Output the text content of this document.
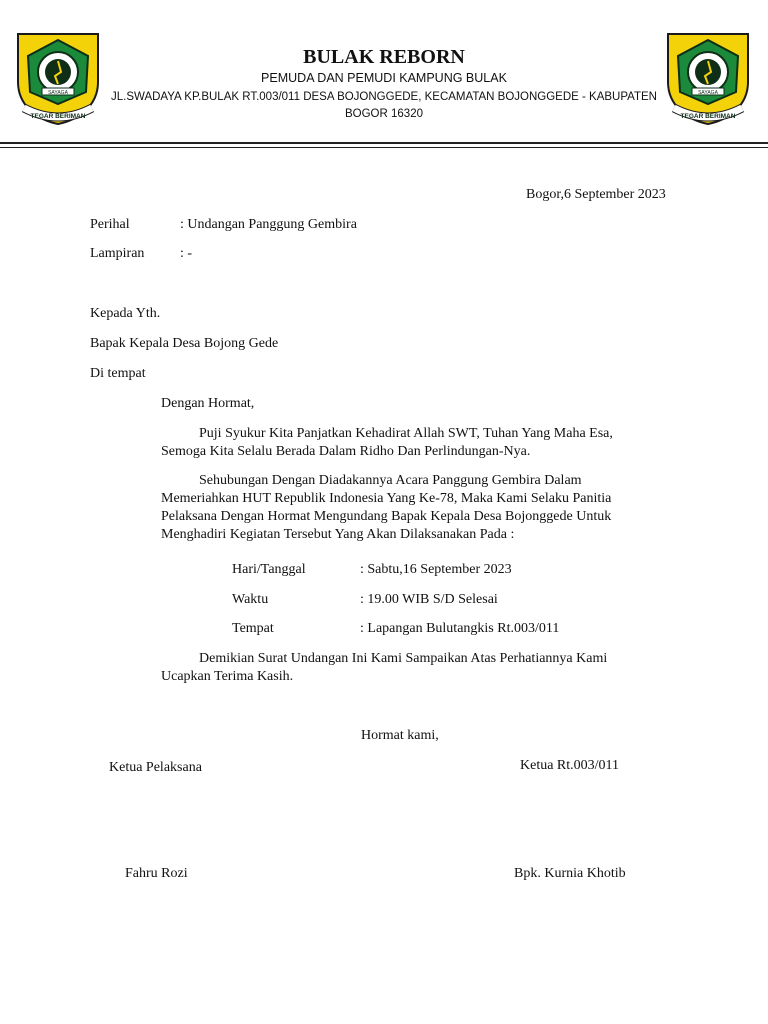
SAYAGA
TEGAR BERIMAN
SAYAGA
TEGAR BERIMAN
BULAK REBORN
PEMUDA DAN PEMUDI KAMPUNG BULAK
JL.SWADAYA KP.BULAK RT.003/011 DESA BOJONGGEDE, KECAMATAN BOJONGGEDE - KABUPATEN
BOGOR 16320
Bogor,6 September 2023
Perihal	: Undangan Panggung Gembira
Lampiran	: -
Kepada Yth.
Bapak Kepala Desa Bojong Gede
Di tempat
Dengan Hormat,
Puji Syukur Kita Panjatkan Kehadirat Allah SWT, Tuhan Yang Maha Esa, Semoga Kita Selalu Berada Dalam Ridho Dan Perlindungan-Nya.
Sehubungan Dengan Diadakannya Acara Panggung Gembira Dalam Memeriahkan HUT Republik Indonesia Yang Ke-78, Maka Kami Selaku Panitia Pelaksana Dengan Hormat Mengundang Bapak Kepala Desa Bojonggede Untuk Menghadiri Kegiatan Tersebut Yang Akan Dilaksanakan Pada :
Hari/Tanggal	: Sabtu,16 September 2023
Waktu	: 19.00 WIB S/D Selesai
Tempat	: Lapangan Bulutangkis Rt.003/011
Demikian Surat Undangan Ini Kami Sampaikan Atas Perhatiannya Kami Ucapkan Terima Kasih.
Hormat kami,
Ketua Pelaksana	Ketua Rt.003/011
Fahru Rozi	Bpk. Kurnia Khotib
